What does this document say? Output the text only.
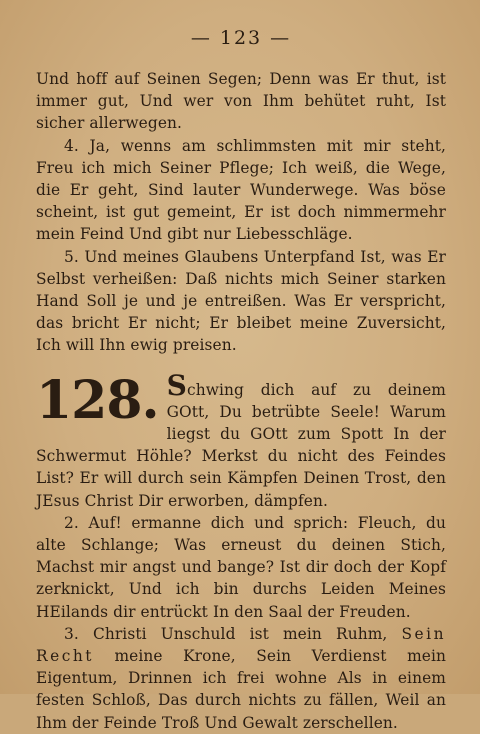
— 123 —

Und hoff auf Seinen Segen; Denn was Er thut, ist immer gut, Und wer von Ihm behütet ruht, Ist sicher allerwegen.

4. Ja, wenns am schlimmsten mit mir steht, Freu ich mich Seiner Pflege; Ich weiß, die Wege, die Er geht, Sind lauter Wunderwege. Was böse scheint, ist gut gemeint, Er ist doch nimmermehr mein Feind Und gibt nur Liebesschläge.

5. Und meines Glaubens Unterpfand Ist, was Er Selbst verheißen: Daß nichts mich Seiner starken Hand Soll je und je entreißen. Was Er verspricht, das bricht Er nicht; Er bleibet meine Zuversicht, Ich will Ihn ewig preisen.

128. Schwing dich auf zu deinem GOtt, Du betrübte Seele! Warum liegst du GOtt zum Spott In der Schwermut Höhle? Merkst du nicht des Feindes List? Er will durch sein Kämpfen Deinen Trost, den JEsus Christ Dir erworben, dämpfen.

2. Auf! ermanne dich und sprich: Fleuch, du alte Schlange; Was erneust du deinen Stich, Machst mir angst und bange? Ist dir doch der Kopf zerknickt, Und ich bin durchs Leiden Meines HEilands dir entrückt In den Saal der Freuden.

3. Christi Unschuld ist mein Ruhm, Sein Recht meine Krone, Sein Verdienst mein Eigentum, Drinnen ich frei wohne Als in einem festen Schloß, Das durch nichts zu fällen, Weil an Ihm der Feinde Troß Und Gewalt zerschellen.
